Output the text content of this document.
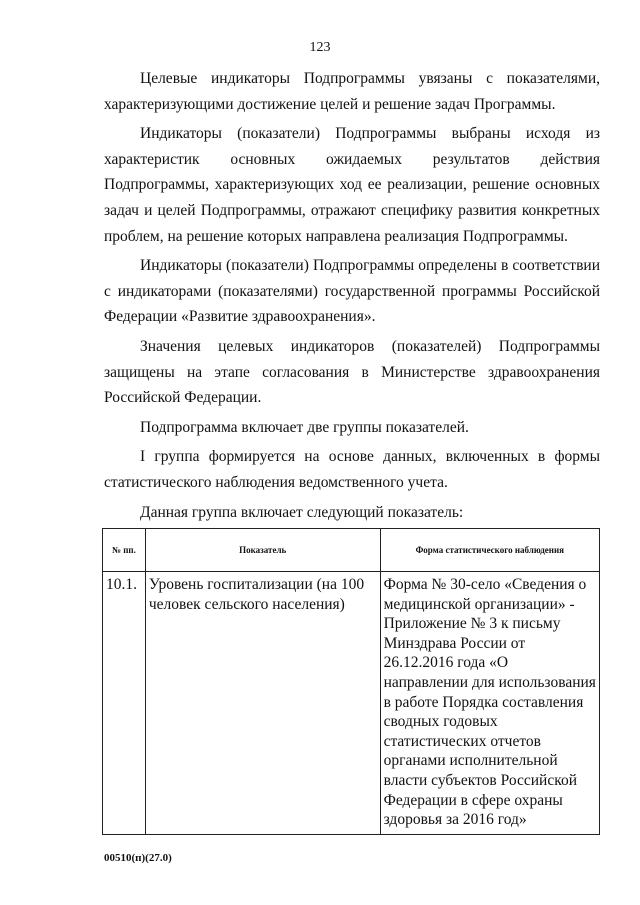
123

Целевые индикаторы Подпрограммы увязаны с показателями, характеризующими достижение целей и решение задач Программы.

Индикаторы (показатели) Подпрограммы выбраны исходя из характеристик основных ожидаемых результатов действия Подпрограммы, характеризующих ход ее реализации, решение основных задач и целей Подпрограммы, отражают специфику развития конкретных проблем, на решение которых направлена реализация Подпрограммы.

Индикаторы (показатели) Подпрограммы определены в соответствии с индикаторами (показателями) государственной программы Российской Федерации «Развитие здравоохранения».

Значения целевых индикаторов (показателей) Подпрограммы защищены на этапе согласования в Министерстве здравоохранения Российской Федерации.

Подпрограмма включает две группы показателей.

I группа формируется на основе данных, включенных в формы статистического наблюдения ведомственного учета.

Данная группа включает следующий показатель:

№ пп.	Показатель	Форма статистического наблюдения
10.1.	Уровень госпитализации (на 100 человек сельского населения)	Форма № 30-село «Сведения о медицинской организации» - Приложение № 3 к письму Минздрава России от 26.12.2016 года «О направлении для использования в работе Порядка составления сводных годовых статистических отчетов органами исполнительной власти субъектов Российской Федерации в сфере охраны здоровья за 2016 год»
00510(п)(27.0)
